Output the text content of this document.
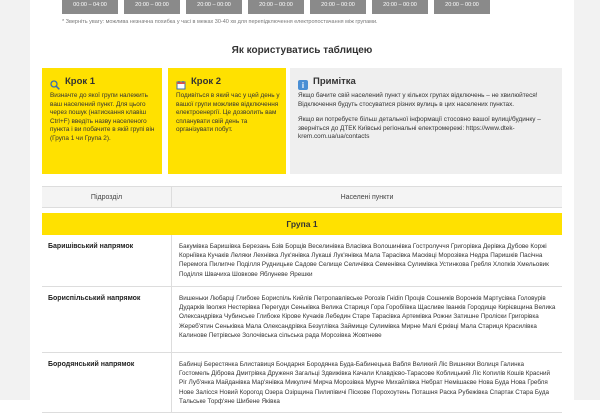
00:00 – 04:00	20:00 – 00:00	20:00 – 00:00	20:00 – 00:00	20:00 – 00:00	20:00 – 00:00	20:00 – 00:00
* Зверніть увагу: можлива незначна похибка у часі в межах 30-40 хв для перепідключення електропостачання між групами.
Як користуватись таблицею
Крок 1
Визначте до якої групи належить ваш населений пункт. Для цього через пошук (натискання клавіш Ctrl+F) введіть назву населеного пункта і ви побачите в якій групі він (Група 1 чи Група 2).
Крок 2
Подивіться в який час у цей день у вашої групи можливе відключення електроенергії. Це дозволить вам спланувати свій день та організувати побут.
i Примітка

Якщо бачите свій населений пункт у кількох групах відключень – не хвилюйтеся! Відключення будуть стосуватися різних вулиць в цих населених пунктах.

Якщо ви потребуєте більш детальної інформації стосовно вашої вулиці/будинку – зверніться до ДТЕК Київські регіональні електромережі: https://www.dtek-krem.com.ua/ua/contacts

Підрозділ	Населені пункти
Група 1
Баришівський напрямок	Бакумівка Баришівка Березань Бзів Борщів Веселинівка Власівка Волошинівка Гостролуччя Григорівка Дерівка Дубове Коржі Корніївка Кучаків Леляки Лехнівка Лук'янівка Лукаші Лук'янівка Мала Тарасівка Масківці Морозівка Недра Паришків Пасічна Перемога Пилипче Поділля Рудницьке Садове Селище Селичівка Семенівка Сулимівка Устинкова Гребля Хлопків Хмельовик Поділля Швачиха Шовкове Яблуневе Ярешки
Бориспільський напрямок	Вишеньки Любарці Глибоке Бориспіль Кийлів Петропавлівське Рогозів Гніdin Проців Сошників Воронків Мартусівка Головурів Дударків Іволжя Нестерівка Перегуди Сеньківка Велика Стариця Гора Горобіївка Щасливе Іванків Городище Кирієвщина Велика Олександрівка Чубинське Глибоке Кірове Кучаків Лебедин Старе Тарасівка Артемівка Рожни Затишне Проліски Григорівка Жереб'ятин Сеньківка Мала Олександрівка Безуглівка Займище Сулимівка Мирне Малі Єрківці Мала Стариця Красилівка Калинове Петрівське Золочівська сільська рада Морозівка Жовтневе
Бородянський напрямок	Бабинці Берестянка Блиставиця Бондарня Бородянка Буда-Бабинецька Вабля Великий Ліс Вишняки Волиця Галинка Гостомель Діброва Дмитрівка Друженя Загальці Здвижівка Качали Клавдієво-Тарасове Коблицький Ліс Копилів Кошів Красний Ріг Луб'янка Майданівка Мар'янівка Микуличі Мирча Морозівка Мурче Михайлівка Небрат Немішаєве Нова Буда Нова Гребля Нове Залісся Новий Корогод Озера Озірщина Пилипівичі Піскове Порохоутень Поташня Раска Рубежівка Спартак Стара Буда Тальське Торф'яне Шибене Яківка
